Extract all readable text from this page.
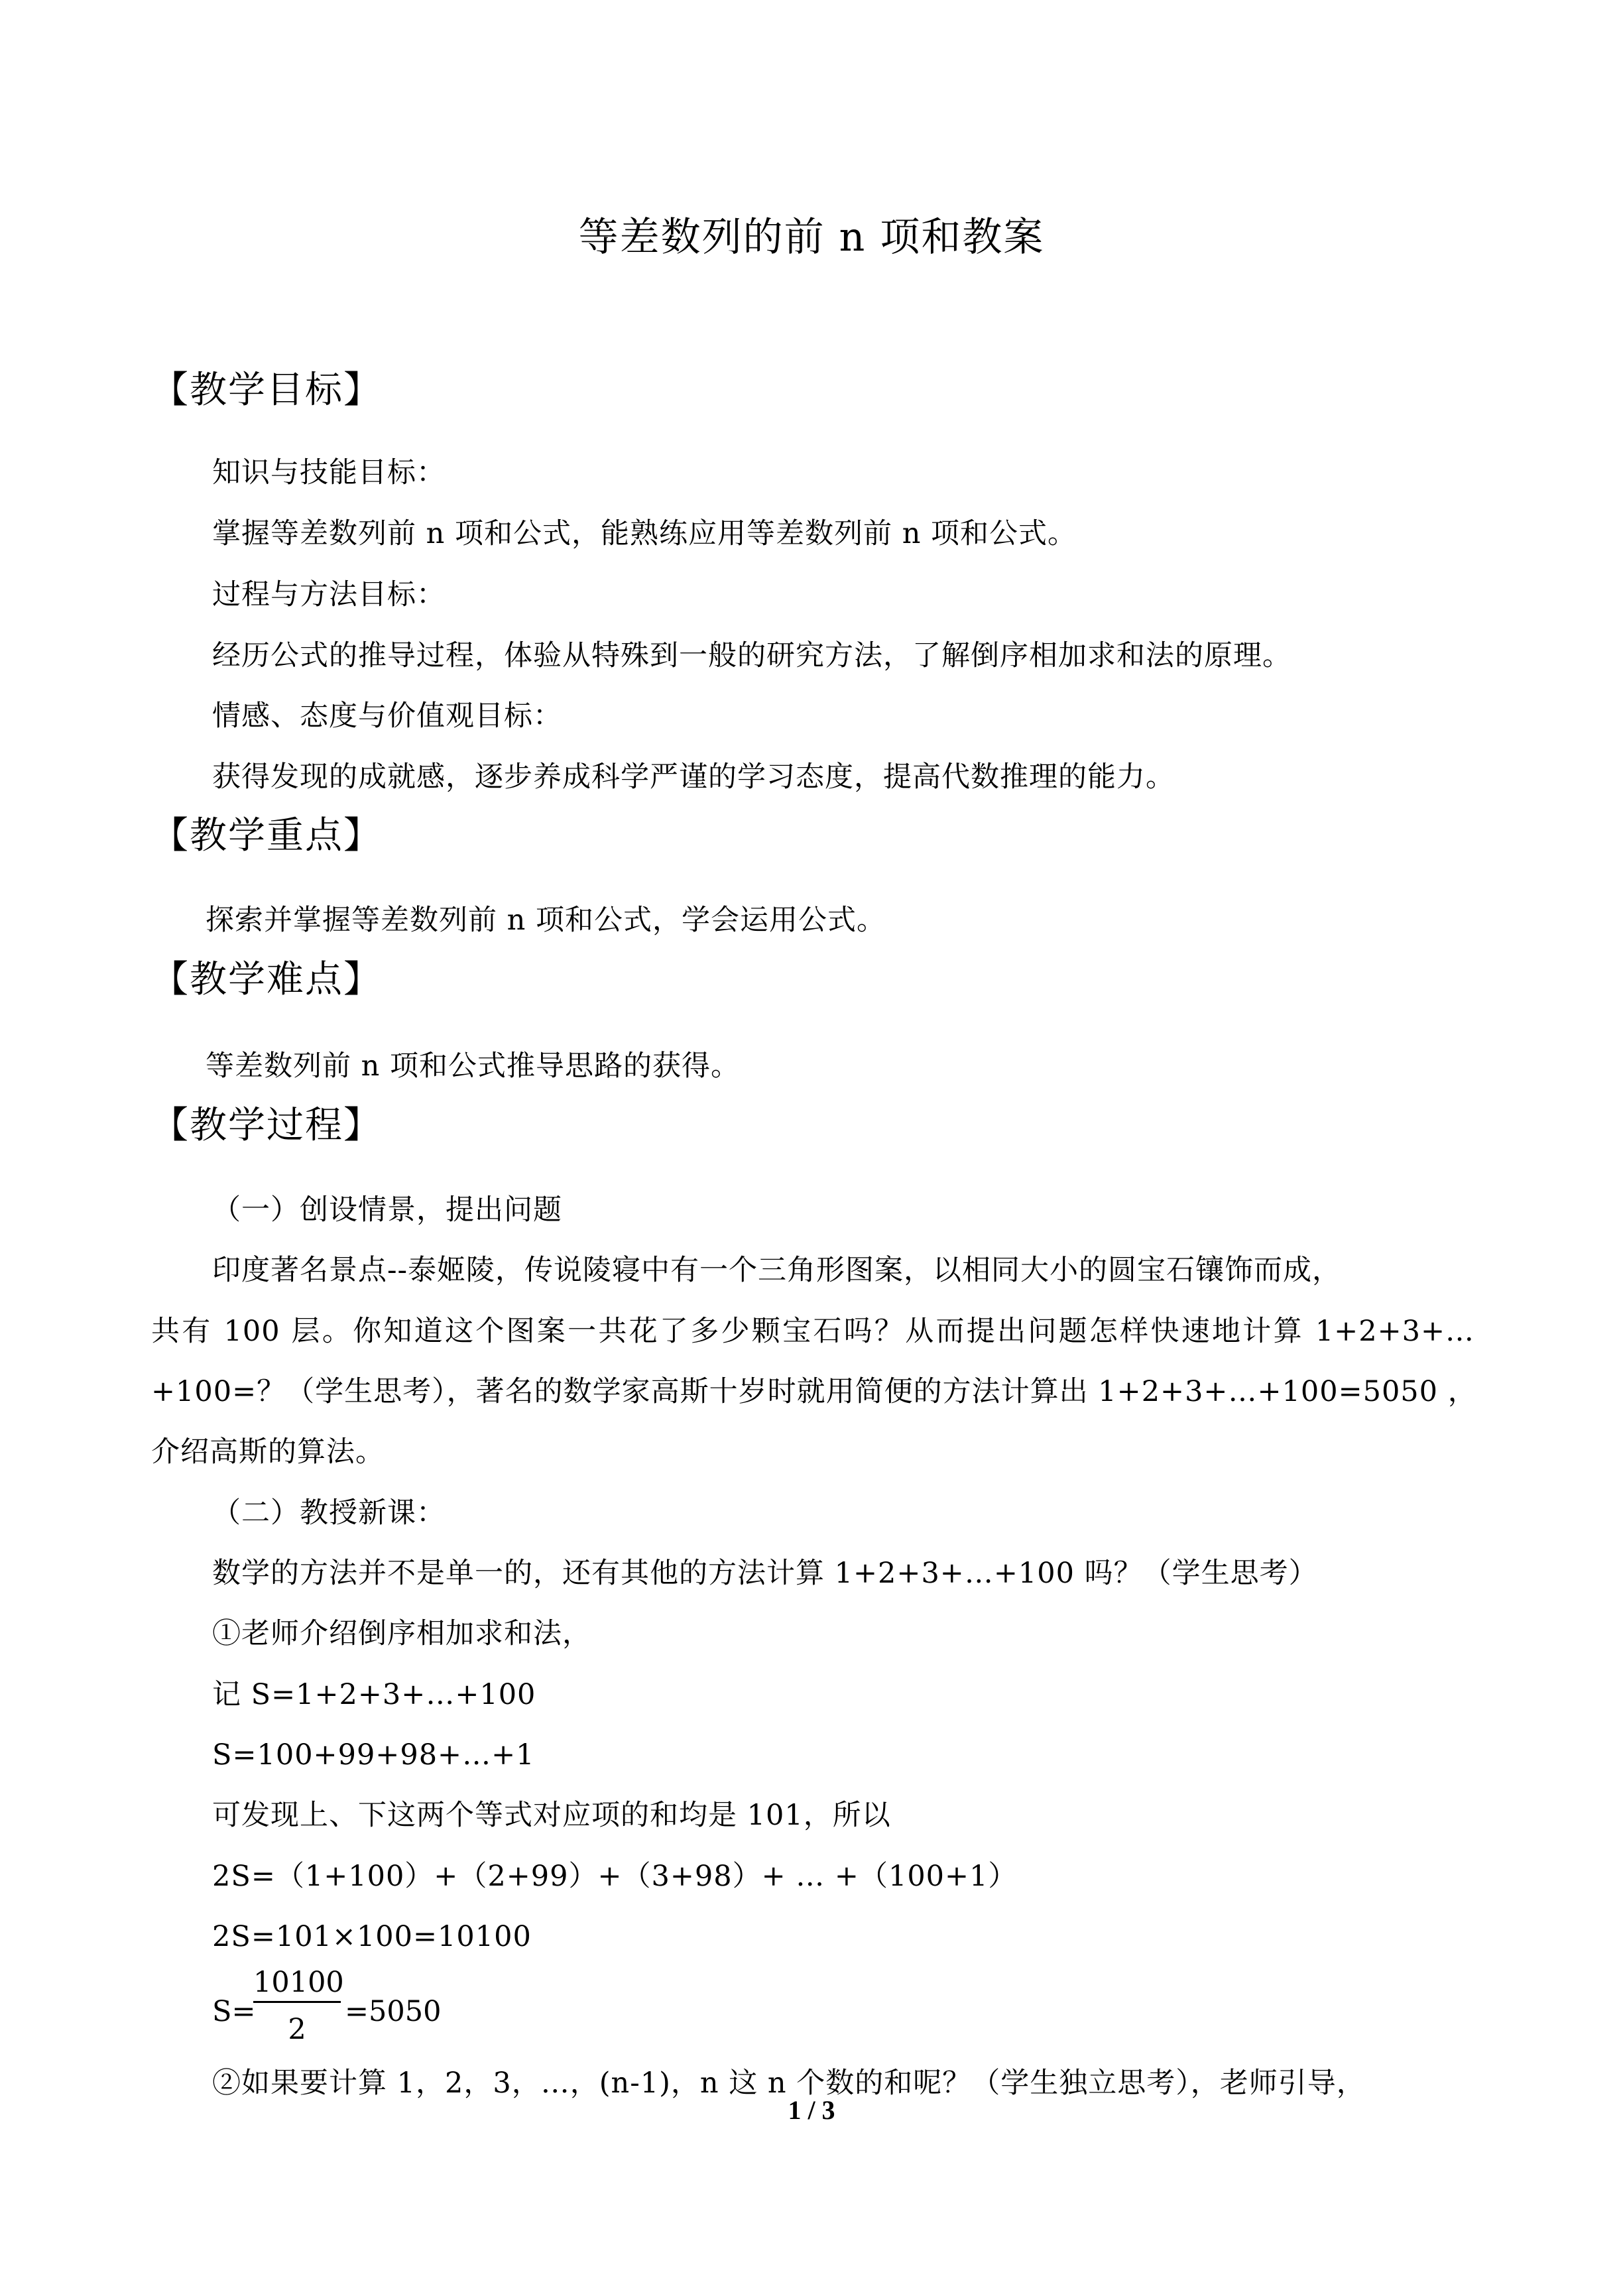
等差数列的前 n 项和教案
【教学目标】
知识与技能目标：
掌握等差数列前 n 项和公式，能熟练应用等差数列前 n 项和公式。
过程与方法目标：
经历公式的推导过程，体验从特殊到一般的研究方法，了解倒序相加求和法的原理。
情感、态度与价值观目标：
获得发现的成就感，逐步养成科学严谨的学习态度，提高代数推理的能力。
【教学重点】
探索并掌握等差数列前 n 项和公式，学会运用公式。
【教学难点】
等差数列前 n 项和公式推导思路的获得。
【教学过程】
（一）创设情景，提出问题
印度著名景点--泰姬陵，传说陵寝中有一个三角形图案，以相同大小的圆宝石镶饰而成，
共有 100 层。你知道这个图案一共花了多少颗宝石吗？从而提出问题怎样快速地计算 1+2+3+…
+100=？（学生思考），著名的数学家高斯十岁时就用简便的方法计算出 1+2+3+…+100=5050 ，
介绍高斯的算法。
（二）教授新课：
数学的方法并不是单一的，还有其他的方法计算 1+2+3+…+100 吗？（学生思考）
①老师介绍倒序相加求和法，
记 S=1+2+3+…+100
S=100+99+98+…+1
可发现上、下这两个等式对应项的和均是 101，所以
2S=（1+100）+（2+99）+（3+98）+ … +（100+1）
2S=101×100=10100
S=
$\frac{10100}{2} =5050$
②如果要计算 1，2，3，…，(n-1)，n 这 n 个数的和呢？（学生独立思考），老师引导，
1 / 3
